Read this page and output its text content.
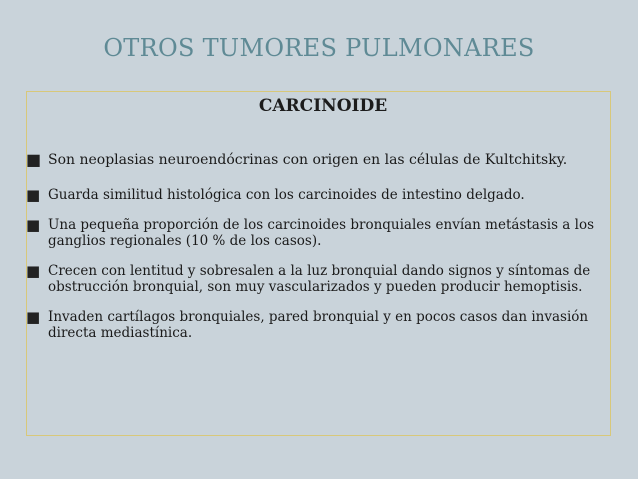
OTROS TUMORES PULMONARES
CARCINOIDE
■ Son neoplasias neuroendócrinas con origen en las células de Kultchitsky.
■ Guarda similitud histológica con los carcinoides de intestino delgado.
■ Una pequeña proporción de los carcinoides bronquiales envían metástasis a los ganglios regionales (10 % de los casos).
■ Crecen con lentitud y sobresalen a la luz bronquial dando signos y síntomas de obstrucción bronquial, son muy vascularizados y pueden producir hemoptisis.
■ Invaden cartílagos bronquiales, pared bronquial y en pocos casos dan invasión directa mediastínica.
